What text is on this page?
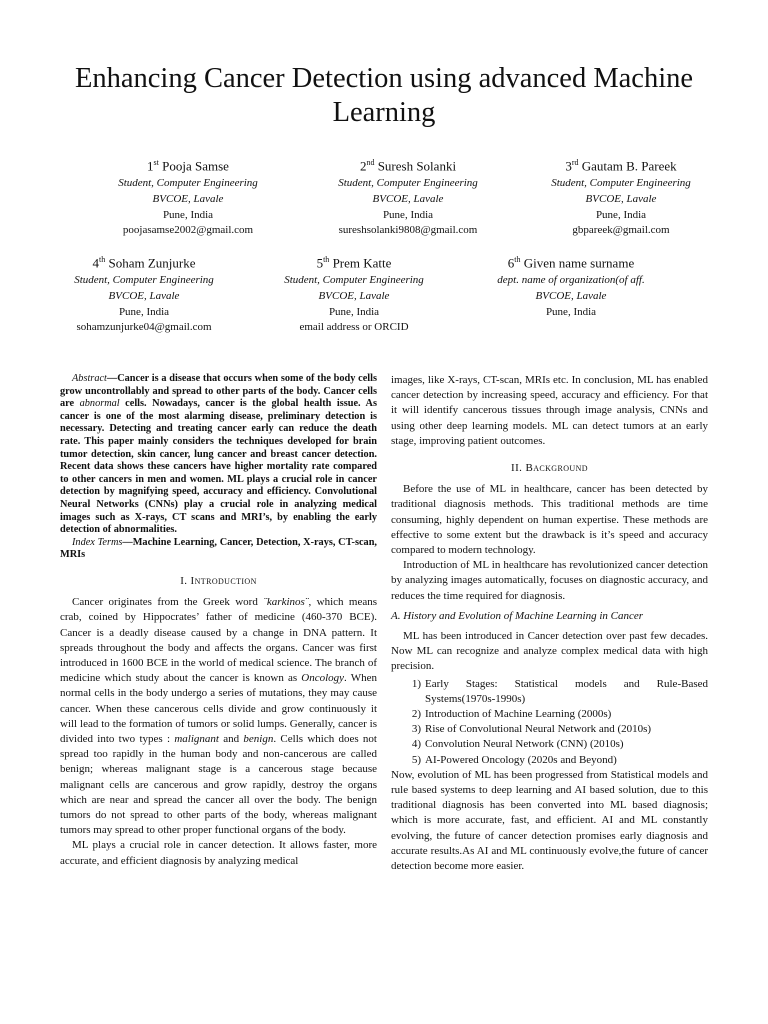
Enhancing Cancer Detection using advanced Machine Learning
1st Pooja Samse
Student, Computer Engineering
BVCOE, Lavale
Pune, India
poojasamse2002@gmail.com
2nd Suresh Solanki
Student, Computer Engineering
BVCOE, Lavale
Pune, India
sureshsolanki9808@gmail.com
3rd Gautam B. Pareek
Student, Computer Engineering
BVCOE, Lavale
Pune, India
gbpareek@gmail.com
4th Soham Zunjurke
Student, Computer Engineering
BVCOE, Lavale
Pune, India
sohamzunjurke04@gmail.com
5th Prem Katte
Student, Computer Engineering
BVCOE, Lavale
Pune, India
email address or ORCID
6th Given name surname
dept. name of organization(of aff.
BVCOE, Lavale
Pune, India

Abstract—Cancer is a disease that occurs when some of the body cells grow uncontrollably and spread to other parts of the body. Cancer cells are abnormal cells. Nowadays, cancer is the global health issue. As cancer is one of the most alarming disease, preliminary detection is necessary. Detecting and treating cancer early can reduce the death rate. This paper mainly considers the techniques developed for brain tumor detection, skin cancer, lung cancer and breast cancer detection. Recent data shows these cancers have higher mortality rate compared to other cancers in men and women. ML plays a crucial role in cancer detection by magnifying speed, accuracy and efficiency. Convolutional Neural Networks (CNNs) play a crucial role in analyzing medical images such as X-rays, CT scans and MRI’s, by enabling the early detection of abnormalities.

Index Terms—Machine Learning, Cancer, Detection, X-rays, CT-scan, MRIs

I. Introduction

Cancer originates from the Greek word ¨karkinos¨, which means crab, coined by Hippocrates’ father of medicine (460-370 BCE). Cancer is a deadly disease caused by a change in DNA pattern. It spreads throughout the body and affects the organs. Cancer was first introduced in 1600 BCE in the world of medical science. The branch of medicine which study about the cancer is known as Oncology. When normal cells in the body undergo a series of mutations, they may cause cancer. When these cancerous cells divide and grow continuously it will lead to the formation of tumors or solid lumps. Generally, cancer is divided into two types : malignant and benign. Cells which does not spread too rapidly in the human body and non-cancerous are called benign; whereas malignant stage is a cancerous stage because malignant cells are cancerous and grow rapidly, destroy the organs which are near and spread the cancer all over the body. The benign tumors do not spread to other parts of the body, whereas malignant tumors may spread to other proper functional organs of the body.

ML plays a crucial role in cancer detection. It allows faster, more accurate, and efficient diagnosis by analyzing medical

images, like X-rays, CT-scan, MRIs etc. In conclusion, ML has enabled cancer detection by increasing speed, accuracy and efficiency. For that it will identify cancerous tissues through image analysis, CNNs and using other deep learning models. ML can detect tumors at an early stage, improving patient outcomes.

II. Background

Before the use of ML in healthcare, cancer has been detected by traditional diagnosis methods. This traditional methods are time consuming, highly dependent on human expertise. These methods are effective to some extent but the drawback is it’s speed and accuracy compared to modern technology.

Introduction of ML in healthcare has revolutionized cancer detection by analyzing images automatically, focuses on diagnostic accuracy, and reduces the time required for diagnosis.

A. History and Evolution of Machine Learning in Cancer

ML has been introduced in Cancer detection over past few decades. Now ML can recognize and analyze complex medical data with high precision.

1) Early Stages: Statistical models and Rule-Based Systems(1970s-1990s)
2) Introduction of Machine Learning (2000s)
3) Rise of Convolutional Neural Network and (2010s)
4) Convolution Neural Network (CNN) (2010s)
5) AI-Powered Oncology (2020s and Beyond)

Now, evolution of ML has been progressed from Statistical models and rule based systems to deep learning and AI based solution, due to this traditional diagnosis has been converted into ML based diagnosis; which is more accurate, fast, and efficient. AI and ML constantly evolving, the future of cancer detection promises early diagnosis and accurate results.As AI and ML continuously evolve,the future of cancer detection become more easier.
